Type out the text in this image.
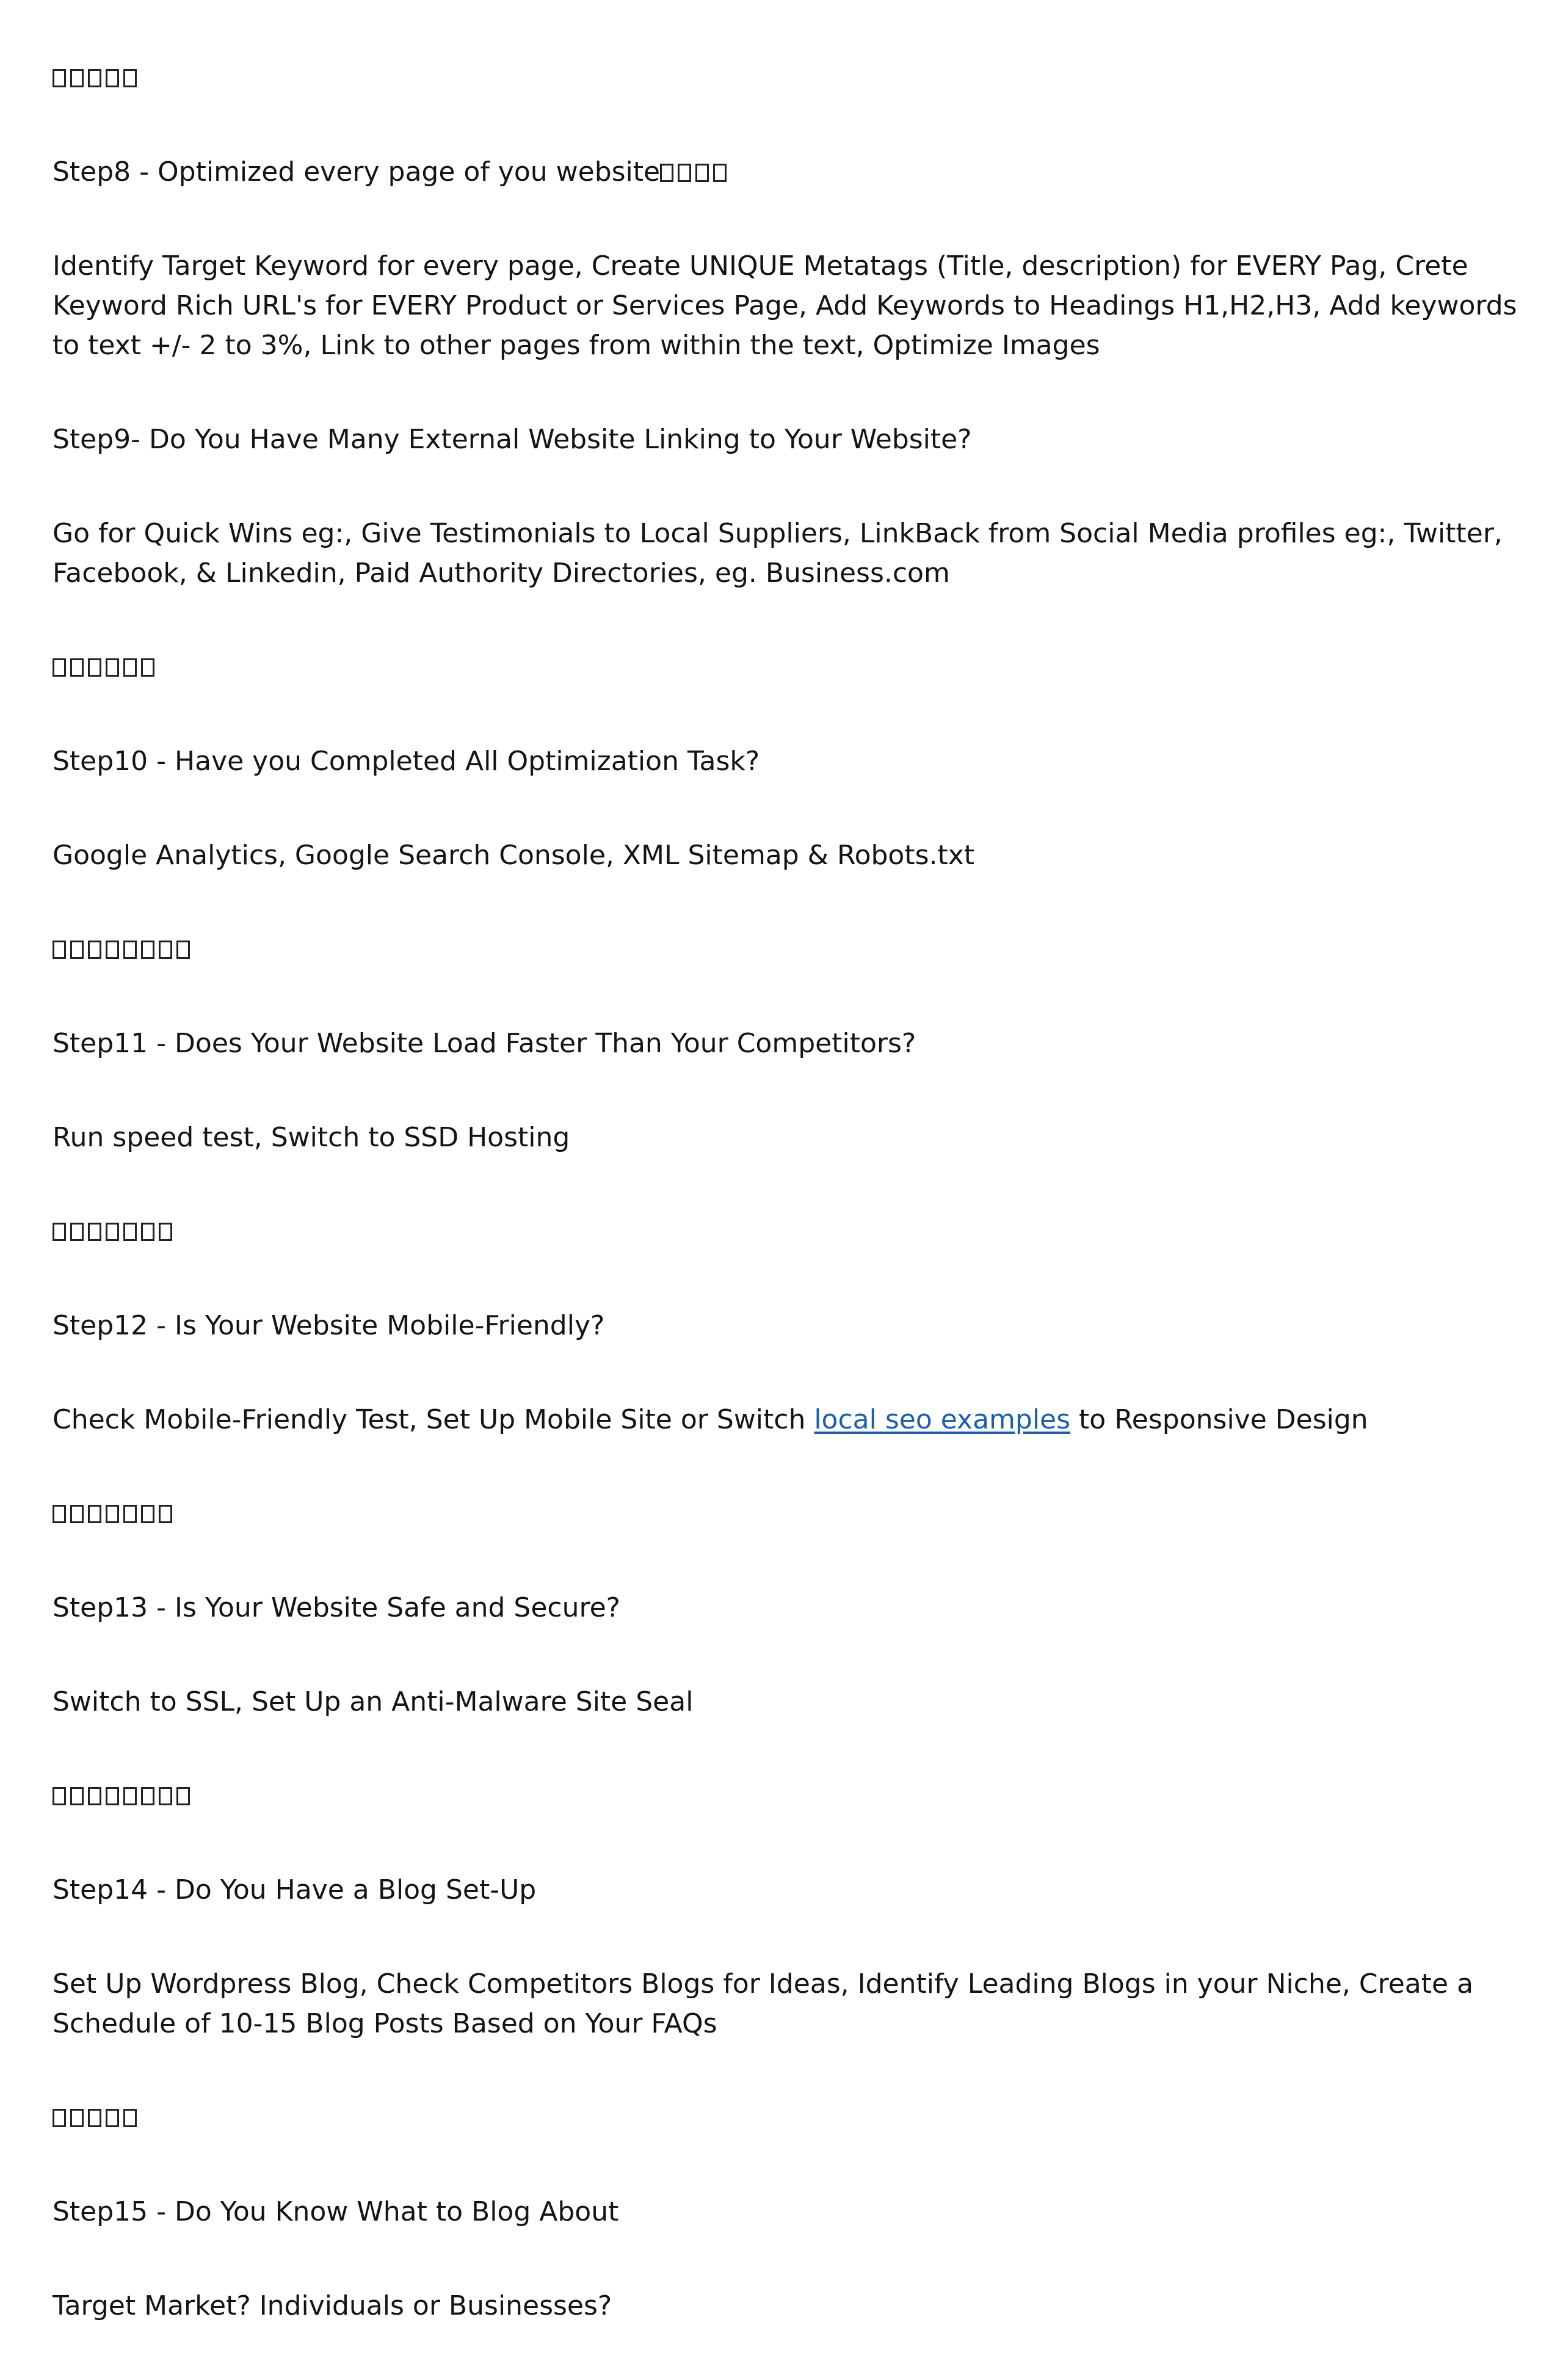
Step8 - Optimized every page of you website

Identify Target Keyword for every page, Create UNIQUE Metatags (Title, description) for EVERY Pag, Crete Keyword Rich URL's for EVERY Product or Services Page, Add Keywords to Headings H1,H2,H3, Add keywords to text +/- 2 to 3%, Link to other pages from within the text, Optimize Images

Step9- Do You Have Many External Website Linking to Your Website?

Go for Quick Wins eg:, Give Testimonials to Local Suppliers, LinkBack from Social Media profiles eg:, Twitter, Facebook, & Linkedin, Paid Authority Directories, eg. Business.com

Step10 - Have you Completed All Optimization Task?

Google Analytics, Google Search Console, XML Sitemap & Robots.txt

Step11 - Does Your Website Load Faster Than Your Competitors?

Run speed test, Switch to SSD Hosting

Step12 - Is Your Website Mobile-Friendly?

Check Mobile-Friendly Test, Set Up Mobile Site or Switch local seo examples to Responsive Design

Step13 - Is Your Website Safe and Secure?

Switch to SSL, Set Up an Anti-Malware Site Seal

Step14 - Do You Have a Blog Set-Up

Set Up Wordpress Blog, Check Competitors Blogs for Ideas, Identify Leading Blogs in your Niche, Create a Schedule of 10-15 Blog Posts Based on Your FAQs

Step15 - Do You Know What to Blog About

Target Market? Individuals or Businesses?
